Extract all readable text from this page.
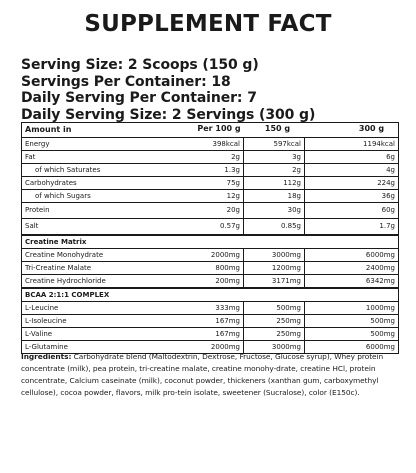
SUPPLEMENT FACT
Serving Size: 2 Scoops (150 g)
Servings Per Container: 18
Daily Serving Per Container: 7
Daily Serving Size: 2 Servings (300 g)
Amount in	Per 100 g	150 g	300 g
Energy	398kcal	597kcal	1194kcal
Fat	2g	3g	6g
of which Saturates	1.3g	2g	4g
Carbohydrates	75g	112g	224g
of which Sugars	12g	18g	36g
Protein	20g	30g	60g
Salt	0.57g	0.85g	1.7g
Creatine Matrix
Creatine Monohydrate	2000mg	3000mg	6000mg
Tri-Creatine Malate	800mg	1200mg	2400mg
Creatine Hydrochloride	200mg	3171mg	6342mg
BCAA 2:1:1 COMPLEX
L-Leucine	333mg	500mg	1000mg
L-Isoleucine	167mg	250mg	500mg
L-Valine	167mg	250mg	500mg
L-Glutamine	2000mg	3000mg	6000mg
Ingredients: Carbohydrate blend (Maltodextrin, Dextrose, Fructose, Glucose syrup), Whey protein concentrate (milk), pea protein, tri-creatine malate, creatine monohy-drate, creatine HCl, protein concentrate, Calcium caseinate (milk), coconut powder, thickeners (xanthan gum, carboxymethyl cellulose), cocoa powder, flavors, milk pro-tein isolate, sweetener (Sucralose), color (E150c).
